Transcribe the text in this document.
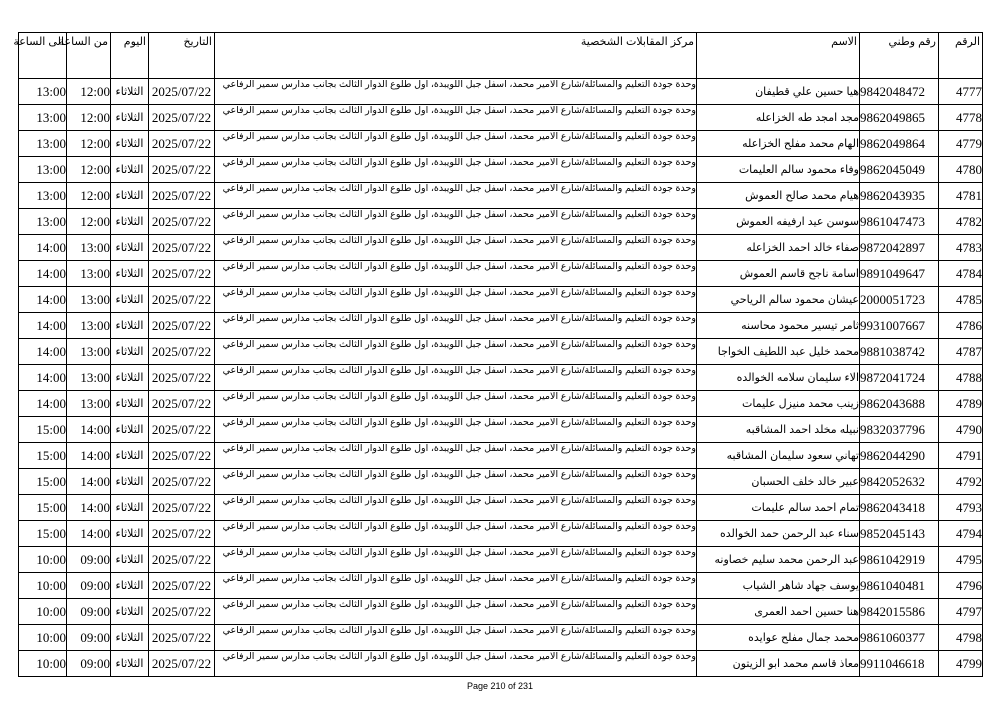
الى الساعة	من الساعة	اليوم	التاريخ	مركز المقابلات الشخصية	الاسم	رقم وطني	الرقم
13:00	12:00	الثلاثاء	2025/07/22	وحدة جودة التعليم والمسائلة/شارع الامير محمد، اسفل جبل اللويبدة، اول طلوع الدوار الثالث بجانب مدارس سمير الرفاعي	هيا حسين علي قطيفان	9842048472	4777
13:00	12:00	الثلاثاء	2025/07/22	وحدة جودة التعليم والمسائلة/شارع الامير محمد، اسفل جبل اللويبدة، اول طلوع الدوار الثالث بجانب مدارس سمير الرفاعي	مجد امجد طه الخزاعله	9862049865	4778
13:00	12:00	الثلاثاء	2025/07/22	وحدة جودة التعليم والمسائلة/شارع الامير محمد، اسفل جبل اللويبدة، اول طلوع الدوار الثالث بجانب مدارس سمير الرفاعي	الهام محمد مفلح الخزاعله	9862049864	4779
13:00	12:00	الثلاثاء	2025/07/22	وحدة جودة التعليم والمسائلة/شارع الامير محمد، اسفل جبل اللويبدة، اول طلوع الدوار الثالث بجانب مدارس سمير الرفاعي	وفاء محمود سالم العليمات	9862045049	4780
13:00	12:00	الثلاثاء	2025/07/22	وحدة جودة التعليم والمسائلة/شارع الامير محمد، اسفل جبل اللويبدة، اول طلوع الدوار الثالث بجانب مدارس سمير الرفاعي	هيام محمد صالح العموش	9862043935	4781
13:00	12:00	الثلاثاء	2025/07/22	وحدة جودة التعليم والمسائلة/شارع الامير محمد، اسفل جبل اللويبدة، اول طلوع الدوار الثالث بجانب مدارس سمير الرفاعي	سوسن عيد ارفيفه العموش	9861047473	4782
14:00	13:00	الثلاثاء	2025/07/22	وحدة جودة التعليم والمسائلة/شارع الامير محمد، اسفل جبل اللويبدة، اول طلوع الدوار الثالث بجانب مدارس سمير الرفاعي	صفاء خالد احمد الخزاعله	9872042897	4783
14:00	13:00	الثلاثاء	2025/07/22	وحدة جودة التعليم والمسائلة/شارع الامير محمد، اسفل جبل اللويبدة، اول طلوع الدوار الثالث بجانب مدارس سمير الرفاعي	اسامة ناجح قاسم العموش	9891049647	4784
14:00	13:00	الثلاثاء	2025/07/22	وحدة جودة التعليم والمسائلة/شارع الامير محمد، اسفل جبل اللويبدة، اول طلوع الدوار الثالث بجانب مدارس سمير الرفاعي	عيشان محمود سالم الرياحي	2000051723	4785
14:00	13:00	الثلاثاء	2025/07/22	وحدة جودة التعليم والمسائلة/شارع الامير محمد، اسفل جبل اللويبدة، اول طلوع الدوار الثالث بجانب مدارس سمير الرفاعي	ثامر تيسير محمود محاسنه	9931007667	4786
14:00	13:00	الثلاثاء	2025/07/22	وحدة جودة التعليم والمسائلة/شارع الامير محمد، اسفل جبل اللويبدة، اول طلوع الدوار الثالث بجانب مدارس سمير الرفاعي	محمد خليل عبد اللطيف الخواجا	9881038742	4787
14:00	13:00	الثلاثاء	2025/07/22	وحدة جودة التعليم والمسائلة/شارع الامير محمد، اسفل جبل اللويبدة، اول طلوع الدوار الثالث بجانب مدارس سمير الرفاعي	الاء سليمان سلامه الخوالده	9872041724	4788
14:00	13:00	الثلاثاء	2025/07/22	وحدة جودة التعليم والمسائلة/شارع الامير محمد، اسفل جبل اللويبدة، اول طلوع الدوار الثالث بجانب مدارس سمير الرفاعي	زينب محمد منيزل عليمات	9862043688	4789
15:00	14:00	الثلاثاء	2025/07/22	وحدة جودة التعليم والمسائلة/شارع الامير محمد، اسفل جبل اللويبدة، اول طلوع الدوار الثالث بجانب مدارس سمير الرفاعي	نبيله مخلد احمد المشاقبه	9832037796	4790
15:00	14:00	الثلاثاء	2025/07/22	وحدة جودة التعليم والمسائلة/شارع الامير محمد، اسفل جبل اللويبدة، اول طلوع الدوار الثالث بجانب مدارس سمير الرفاعي	تهاني سعود سليمان المشاقبه	9862044290	4791
15:00	14:00	الثلاثاء	2025/07/22	وحدة جودة التعليم والمسائلة/شارع الامير محمد، اسفل جبل اللويبدة، اول طلوع الدوار الثالث بجانب مدارس سمير الرفاعي	عبير خالد خلف الحسبان	9842052632	4792
15:00	14:00	الثلاثاء	2025/07/22	وحدة جودة التعليم والمسائلة/شارع الامير محمد، اسفل جبل اللويبدة، اول طلوع الدوار الثالث بجانب مدارس سمير الرفاعي	تمام احمد سالم عليمات	9862043418	4793
15:00	14:00	الثلاثاء	2025/07/22	وحدة جودة التعليم والمسائلة/شارع الامير محمد، اسفل جبل اللويبدة، اول طلوع الدوار الثالث بجانب مدارس سمير الرفاعي	سناء عبد الرحمن حمد الخوالده	9852045143	4794
10:00	09:00	الثلاثاء	2025/07/22	وحدة جودة التعليم والمسائلة/شارع الامير محمد، اسفل جبل اللويبدة، اول طلوع الدوار الثالث بجانب مدارس سمير الرفاعي	عبد الرحمن محمد سليم خصاونه	9861042919	4795
10:00	09:00	الثلاثاء	2025/07/22	وحدة جودة التعليم والمسائلة/شارع الامير محمد، اسفل جبل اللويبدة، اول طلوع الدوار الثالث بجانب مدارس سمير الرفاعي	يوسف جهاد شاهر الشياب	9861040481	4796
10:00	09:00	الثلاثاء	2025/07/22	وحدة جودة التعليم والمسائلة/شارع الامير محمد، اسفل جبل اللويبدة، اول طلوع الدوار الثالث بجانب مدارس سمير الرفاعي	هنا حسين احمد العمرى	9842015586	4797
10:00	09:00	الثلاثاء	2025/07/22	وحدة جودة التعليم والمسائلة/شارع الامير محمد، اسفل جبل اللويبدة، اول طلوع الدوار الثالث بجانب مدارس سمير الرفاعي	محمد جمال مفلح عوايده	9861060377	4798
10:00	09:00	الثلاثاء	2025/07/22	وحدة جودة التعليم والمسائلة/شارع الامير محمد، اسفل جبل اللويبدة، اول طلوع الدوار الثالث بجانب مدارس سمير الرفاعي	معاذ قاسم محمد ابو الزيتون	9911046618	4799
Page 210 of 231
